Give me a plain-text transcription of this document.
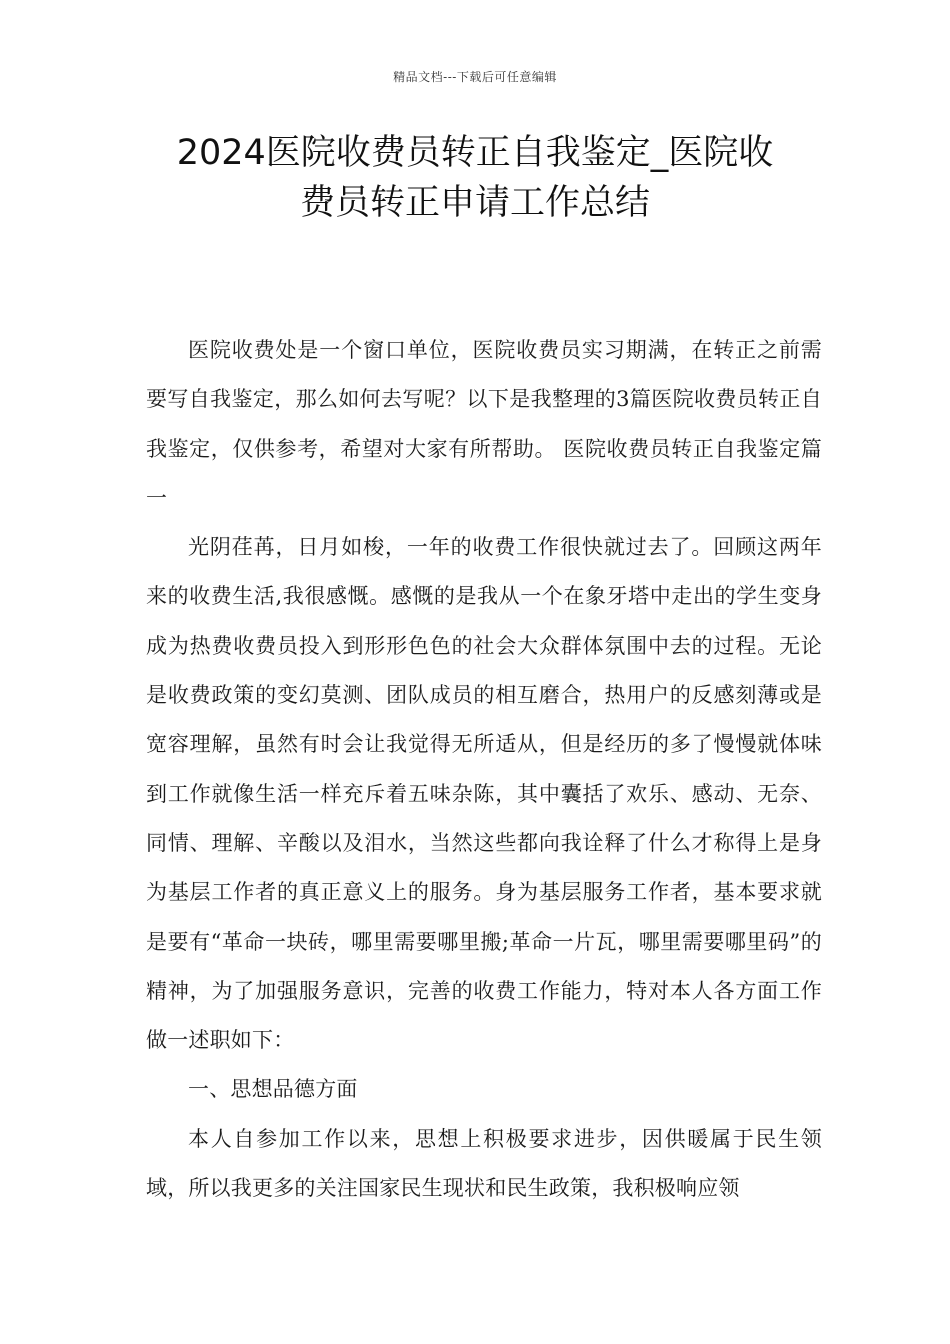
精品文档---下载后可任意编辑
2024医院收费员转正自我鉴定_医院收
费员转正申请工作总结

医院收费处是一个窗口单位，医院收费员实习期满，在转正之前需要写自我鉴定，那么如何去写呢？以下是我整理的3篇医院收费员转正自我鉴定，仅供参考，希望对大家有所帮助。 医院收费员转正自我鉴定篇一

光阴荏苒，日月如梭，一年的收费工作很快就过去了。回顾这两年来的收费生活,我很感慨。感慨的是我从一个在象牙塔中走出的学生变身成为热费收费员投入到形形色色的社会大众群体氛围中去的过程。无论是收费政策的变幻莫测、团队成员的相互磨合，热用户的反感刻薄或是宽容理解，虽然有时会让我觉得无所适从，但是经历的多了慢慢就体味到工作就像生活一样充斥着五味杂陈，其中囊括了欢乐、感动、无奈、同情、理解、辛酸以及泪水，当然这些都向我诠释了什么才称得上是身为基层工作者的真正意义上的服务。身为基层服务工作者，基本要求就是要有“革命一块砖，哪里需要哪里搬;革命一片瓦，哪里需要哪里码”的精神，为了加强服务意识，完善的收费工作能力，特对本人各方面工作做一述职如下：

一、思想品德方面

本人自参加工作以来，思想上积极要求进步，因供暖属于民生领域，所以我更多的关注国家民生现状和民生政策，我积极响应领
